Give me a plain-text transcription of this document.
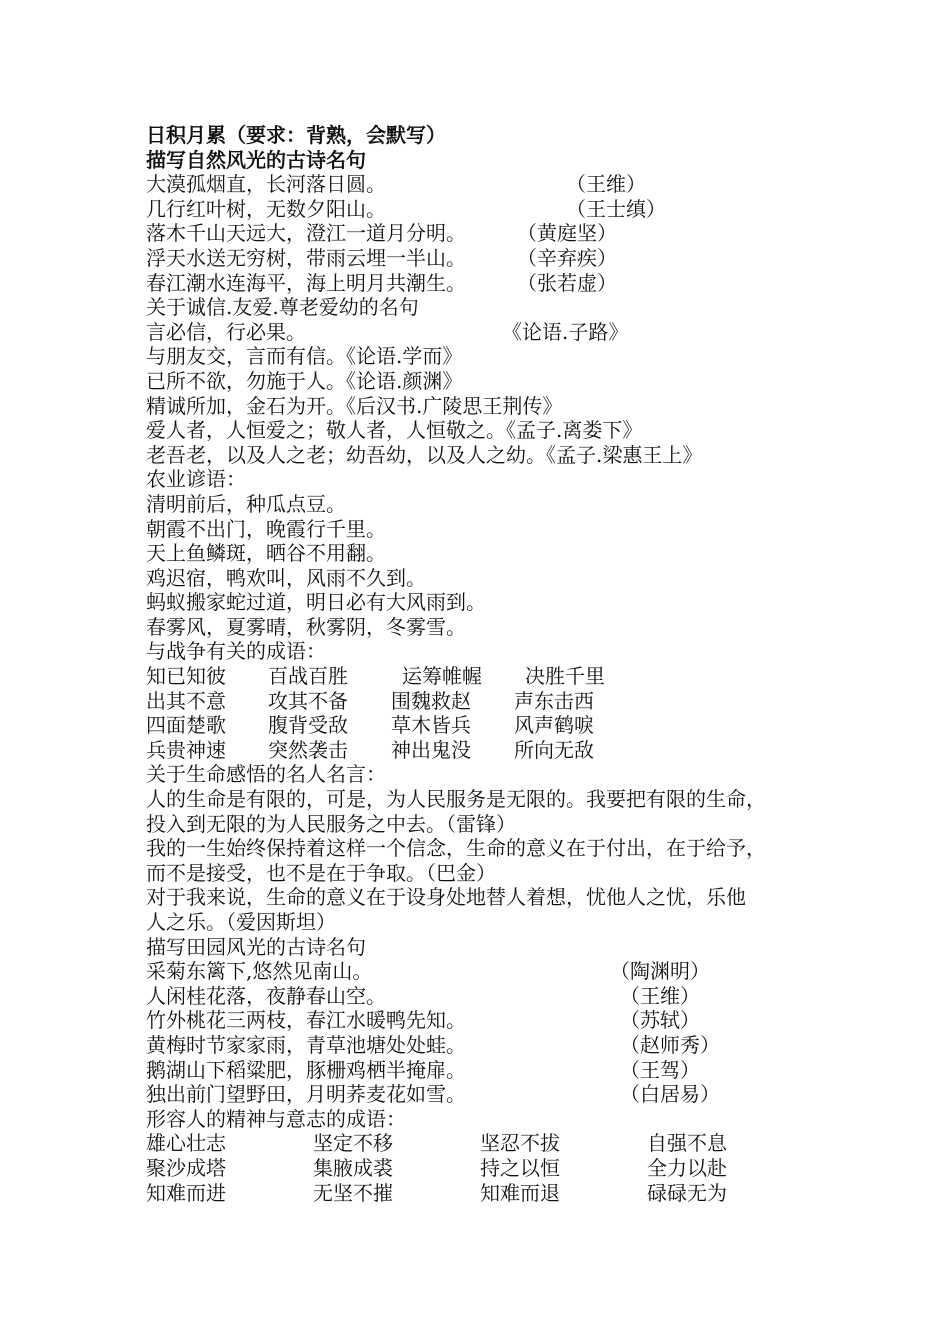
日积月累（要求：背熟，会默写）
描写自然风光的古诗名句
大漠孤烟直，长河落日圆。	（王维）
几行红叶树，无数夕阳山。	（王士缜）
落木千山天远大，澄江一道月分明。	（黄庭坚）
浮天水送无穷树，带雨云埋一半山。	（辛弃疾）
春江潮水连海平，海上明月共潮生。	（张若虚）
关于诚信.友爱.尊老爱幼的名句
言必信，行必果。	《论语.子路》
与朋友交，言而有信。《论语.学而》
已所不欲，勿施于人。《论语.颜渊》
精诚所加，金石为开。《后汉书.广陵思王荆传》
爱人者，人恒爱之；敬人者，人恒敬之。《孟子.离娄下》
老吾老，以及人之老；幼吾幼，以及人之幼。《孟子.梁惠王上》
农业谚语：
清明前后，种瓜点豆。
朝霞不出门，晚霞行千里。
天上鱼鳞斑，晒谷不用翻。
鸡迟宿，鸭欢叫，风雨不久到。
蚂蚁搬家蛇过道，明日必有大风雨到。
春雾风，夏雾晴，秋雾阴，冬雾雪。
与战争有关的成语：
知已知彼 百战百胜	运筹帷幄 决胜千里
出其不意 攻其不备 围魏救赵 声东击西
四面楚歌 腹背受敌 草木皆兵 风声鹤唳
兵贵神速 突然袭击 神出鬼没 所向无敌
关于生命感悟的名人名言：
人的生命是有限的，可是，为人民服务是无限的。我要把有限的生命，
投入到无限的为人民服务之中去。（雷锋）
我的一生始终保持着这样一个信念，生命的意义在于付出，在于给予，
而不是接受，也不是在于争取。（巴金）
对于我来说，生命的意义在于设身处地替人着想，忧他人之忧，乐他
人之乐。（爱因斯坦）
描写田园风光的古诗名句
采菊东篱下,悠然见南山。	（陶渊明）
人闲桂花落，夜静春山空。	（王维）
竹外桃花三两枝，春江水暖鸭先知。	（苏轼）
黄梅时节家家雨，青草池塘处处蛙。	（赵师秀）
鹅湖山下稻粱肥，豚栅鸡栖半掩扉。	（王驾）
独出前门望野田，月明荞麦花如雪。	（白居易）
形容人的精神与意志的成语：
雄心壮志	坚定不移	坚忍不拔	自强不息
聚沙成塔	集腋成裘	持之以恒	全力以赴
知难而进	无坚不摧	知难而退	碌碌无为
